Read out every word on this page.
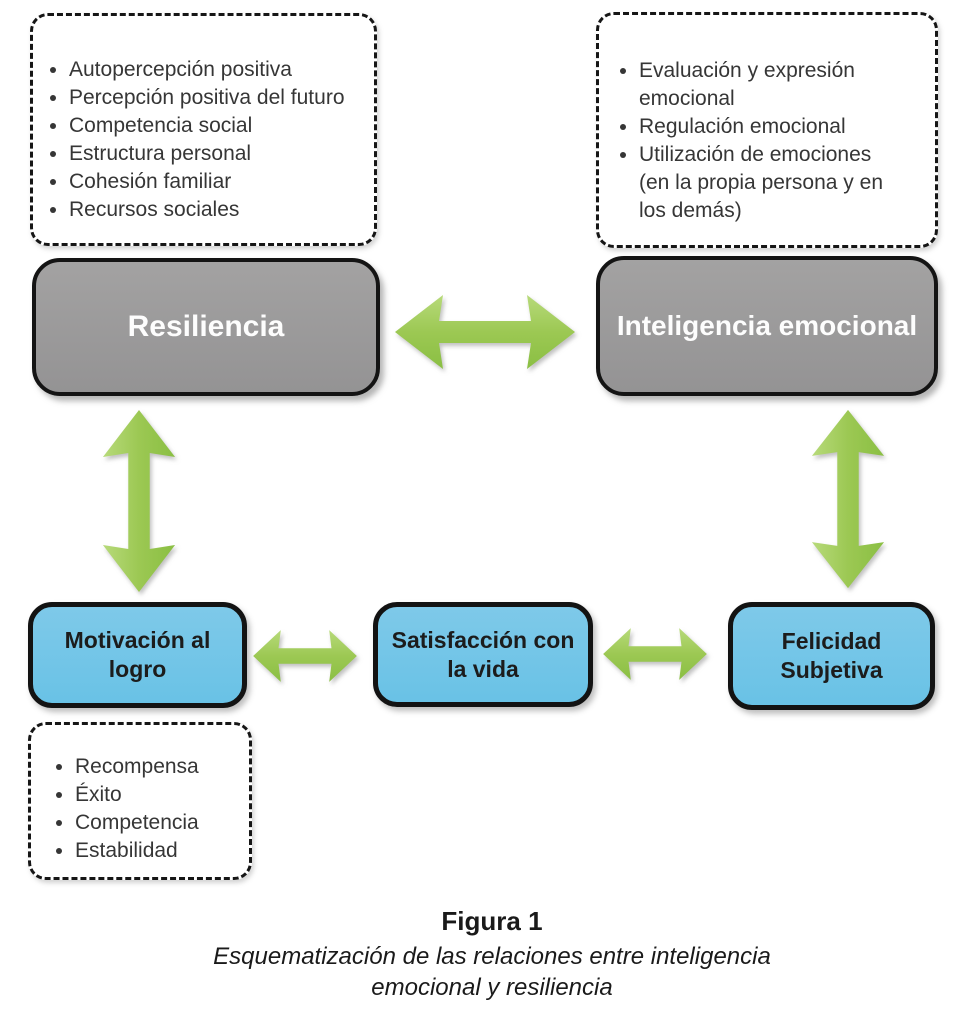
• Autopercepción positiva
• Percepción positiva del futuro
• Competencia social
• Estructura personal
• Cohesión familiar
• Recursos sociales
• Evaluación y expresión emocional
• Regulación emocional
• Utilización de emociones (en la propia persona y en los demás)
Resiliencia	Inteligencia emocional
Motivación al logro
Satisfacción con la vida
Felicidad Subjetiva
• Recompensa
• Éxito
• Competencia
• Estabilidad
Figura 1
Esquematización de las relaciones entre inteligencia emocional y resiliencia
